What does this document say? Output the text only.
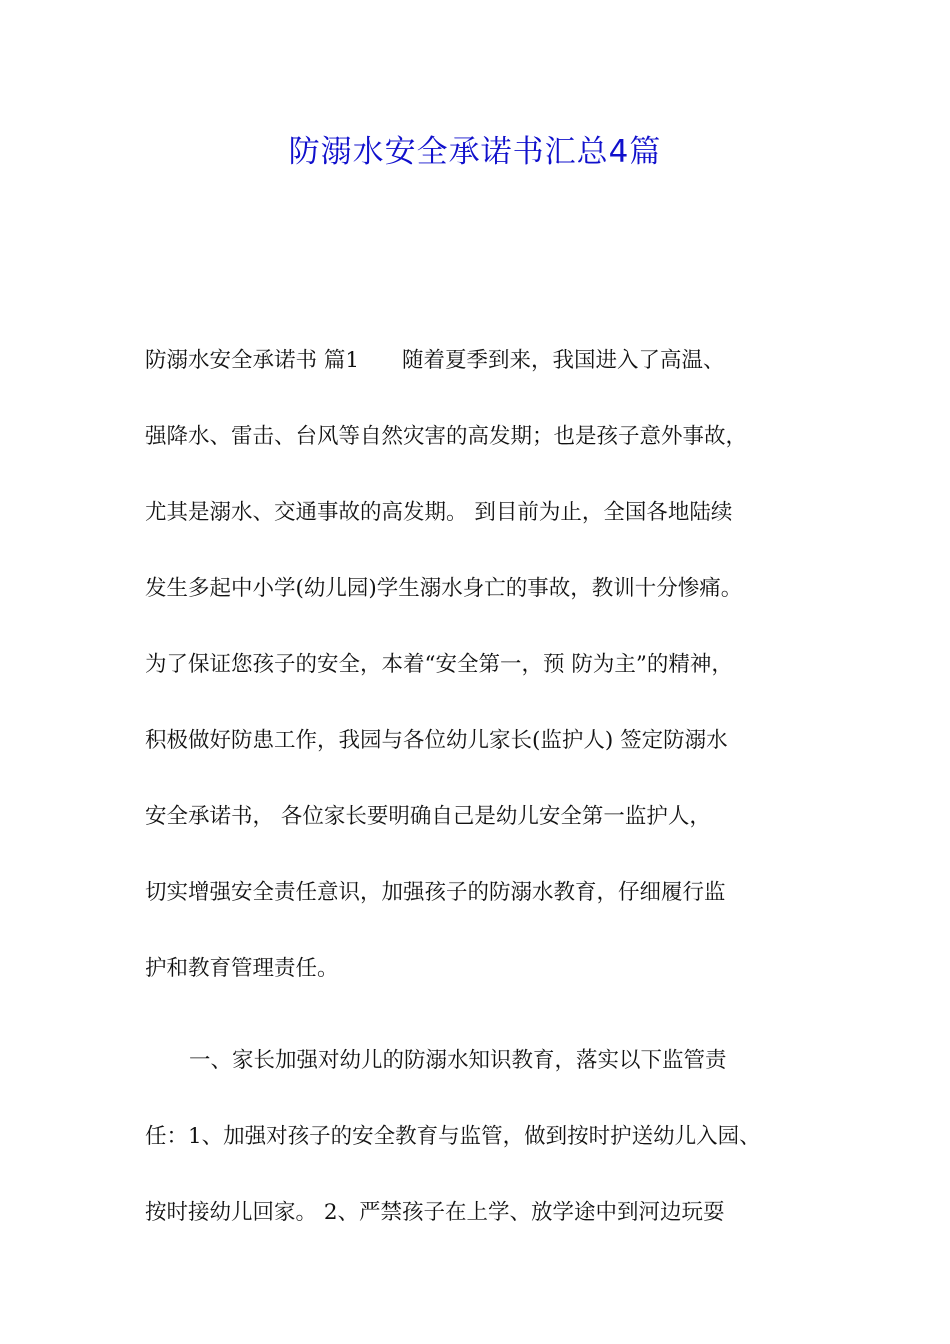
防溺水安全承诺书汇总4篇
防溺水安全承诺书 篇1　　随着夏季到来，我国进入了高温、
强降水、雷击、台风等自然灾害的高发期；也是孩子意外事故，
尤其是溺水、交通事故的高发期。 到目前为止，全国各地陆续
发生多起中小学(幼儿园)学生溺水身亡的事故，教训十分惨痛。
为了保证您孩子的安全，本着“安全第一，预 防为主”的精神，
积极做好防患工作，我园与各位幼儿家长(监护人) 签定防溺水
安全承诺书， 各位家长要明确自己是幼儿安全第一监护人，
切实增强安全责任意识，加强孩子的防溺水教育，仔细履行监
护和教育管理责任。
一、家长加强对幼儿的防溺水知识教育，落实以下监管责
任：1、加强对孩子的安全教育与监管，做到按时护送幼儿入园、
按时接幼儿回家。 2、严禁孩子在上学、放学途中到河边玩耍
